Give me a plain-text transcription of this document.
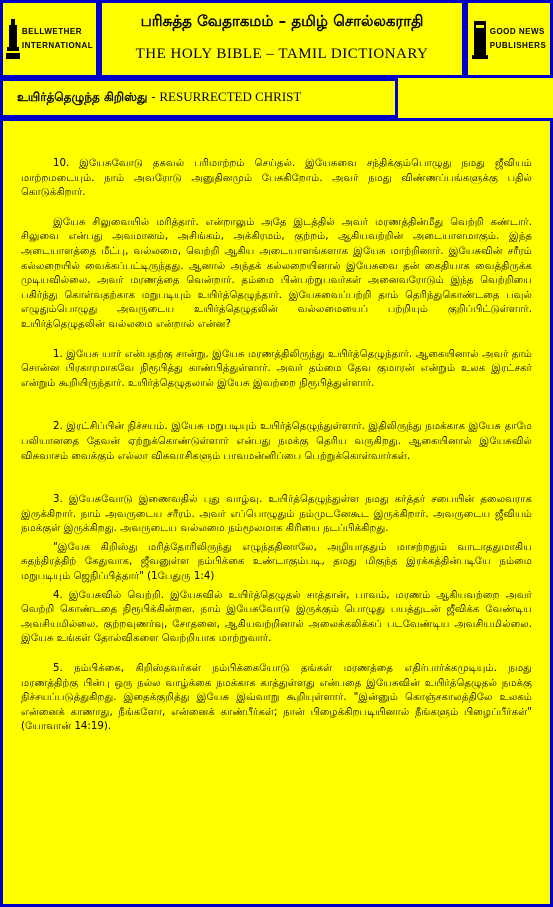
BELLWETHER
INTERNATIONAL
பரிசுத்த வேதாகமம் – தமிழ் சொல்லகராதி
THE HOLY BIBLE – TAMIL DICTIONARY
GOOD NEWS
PUBLISHERS
உயிர்த்தெழுந்த கிறிஸ்து - RESURRECTED CHRIST

10. இயேசுவோடு தகவல் பரிமாற்றம் செய்தல். இயேசுவை சந்திக்கும்பொழுது நமது ஜீவியம் மாற்றமடையும். நாம் அவரோடு அனுதினமும் பேசுகிறோம். அவர் நமது விண்ணப்பங்களுக்கு பதில் கொடுக்கிறார்.

இயேசு சிலுவையில் மரித்தார். என்றாலும் அதே இடத்தில் அவர் மரணத்தின்மீது வெற்றி கண்டார். சிலுவை என்பது அவமானம், அசிங்கம், அக்கிரமம், குற்றம், ஆகியவற்றின் அடையாளமாகும். இந்த அடையாளத்தை மீட்பு, வல்லமை, வெற்றி ஆகிய அடையாளங்களாக இயேசு மாற்றினார். இயேசுவின் சரீரம் கல்லறையில் வைக்கப்பட்டிருந்தது. ஆனால் அந்தக் கல்லறையினால் இயேசுவை தன் கைதியாக வைத்திருக்க முடியவில்லை. அவர் மரணத்தை வென்றார். தம்மை பின்பற்றுபவர்கள் அனைவரோடும் இந்த வெற்றியை பகிர்ந்து கொள்வதற்காக மறுபடியும் உயிர்த்தெழுந்தார். இயேசுவைப்பற்றி தாம் தெரிந்துகொண்டதை பவுல் எழுதும்பொழுது அவருடைய உயிர்த்தெழுதலின் வல்லமையைப் பற்றியும் குறிப்பிட்டுள்ளார். உயிர்த்தெழுதலின் வல்லமை என்றால் என்ன?

1. இயேசு யார் என்பதற்கு சான்று. இயேசு மரணத்திலிருந்து உயிர்த்தெழுந்தார். ஆகையினால் அவர் தாம் சொன்ன பிரகாரமாகவே நிரூபித்து காண்பித்துள்ளார். அவர் தம்மை தேவ குமாரன் என்றும் உலக இரட்சகர் என்றும் கூறியிருந்தார். உயிர்த்தெழுதலால் இயேசு இவற்றை நிரூபித்துள்ளார்.

2. இரட்சிப்பின் நிச்சயம். இயேசு மறுபடியும் உயிர்த்தெழுந்துள்ளார். இதிலிருந்து நமக்காக இயேசு தாமே பலியானதை தேவன் ஏற்றுக்கொண்டுள்ளார் என்பது நமக்கு தெரிய வருகிறது. ஆகையினால் இயேசுவில் விசுவாசம் வைக்கும் எல்லா விசுவாசிகளும் பாவமன்னிப்பை பெற்றுக்கொள்வார்கள்.

3. இயேசுவோடு இணைவதில் புது வாழ்வு. உயிர்த்தெழுந்துள்ள நமது கர்த்தர் சபையின் தலைவராக இருக்கிறார். நாம் அவருடைய சரீரம். அவர் எப்பொழுதும் நம்முடனேகூட இருக்கிறார். அவருடைய ஜீவியம் நமக்குள் இருக்கிறது. அவருடைய வல்லமை நம்மூலமாக கிரியை நடப்பிக்கிறது.

"இயேசு கிறிஸ்து மரித்தோரிலிருந்து எழுந்ததினாலே, அழியாததும் மாசற்றதும் வாடாததுமாகிய சுதந்திரத்திற் கேதுவாக, ஜீவனுள்ள நம்பிக்கை உண்டாகும்படி, தமது மிகுந்த இரக்கத்தின்படியே நம்மை மறுபடியும் ஜெநிப்பித்தார்" (1பேதுரு 1:4)

4. இயேசுவில் வெற்றி. இயேசுவில் உயிர்த்தெழுதல் சாத்தான், பாவம், மரணம் ஆகியவற்றை அவர் வெற்றி கொண்டதை நிரூபிக்கின்றன. நாம் இயேசுவோடு இருக்கும் பொழுது பயத்துடன் ஜீவிக்க வேண்டிய அவசியமில்லை. குற்றவுணர்வு, சோதனை, ஆகியவற்றினால் அலைக்கலிக்கப் படவேண்டிய அவசியமில்லை. இயேசு உங்கள் தோல்விகளை வெற்றியாக மாற்றுவார்.

5. நம்பிக்கை, கிறிஸ்தவர்கள் நம்பிக்கையோடு தங்கள் மரணத்தை எதிர்பார்க்கமுடியும். நமது மரணத்திற்கு பின்பு ஒரு நல்ல வாழ்க்கை நமக்காக காத்துள்ளது என்பதை இயேசுவின் உயிர்த்தெழுதல் நமக்கு நிச்சயப்படுத்துகிறது. இதைக்குறித்து இயேசு இவ்வாறு கூறியுள்ளார். "இன்னும் கொஞ்சகாலத்திலே உலகம் என்னைக் காணாது, நீங்களோ, என்னைக் காண்பீர்கள்; நான் பிழைக்கிறபடியினால் நீங்களும் பிழைப்பீர்கள்" (யோவான் 14:19).
